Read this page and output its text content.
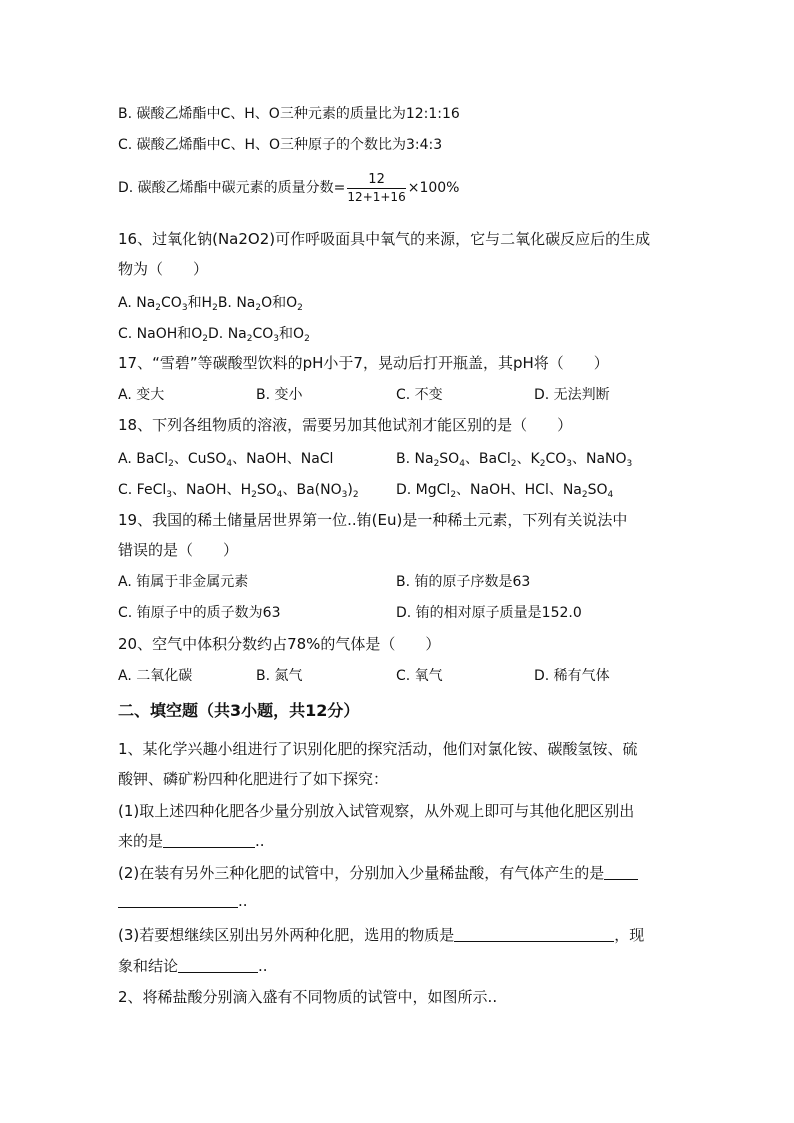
B. 碳酸乙烯酯中C、H、O三种元素的质量比为12:1:16
C. 碳酸乙烯酯中C、H、O三种原子的个数比为3:4:3
D. 碳酸乙烯酯中碳元素的质量分数= $\frac{12}{12+1+16} \times 100\%$
16、过氧化钠(Na2O2)可作呼吸面具中氧气的来源，它与二氧化碳反应后的生成
物为（　　）
A. $Na_2CO_3$和$H_2B$. $Na_2O$和$O_2$
C. NaOH和$O_2D$. $Na_2CO_3$和$O_2$
17、“雪碧”等碳酸型饮料的pH小于7，晃动后打开瓶盖，其pH将（　　）
A. 变大	B. 变小	C. 不变	D. 无法判断
18、下列各组物质的溶液，需要另加其他试剂才能区别的是（　　）
A. BaCl$_2$、CuSO$_4$、NaOH、NaCl	B. $Na_2SO_4$、BaCl$_2$、$K_2CO_3$、NaNO$_3$
C. FeCl$_3$、NaOH、$H_2SO_4$、$Ba(NO_3)_2$	D. MgCl$_2$、NaOH、HCl、$Na_2SO_4$
19、我国的稀土储量居世界第一位..铕(Eu)是一种稀土元素，下列有关说法中
错误的是（　　）
A. 铕属于非金属元素	B. 铕的原子序数是63
C. 铕原子中的质子数为63	D. 铕的相对原子质量是152.0
20、空气中体积分数约占78%的气体是（　　）
A. 二氧化碳	B. 氮气	C. 氧气	D. 稀有气体
二、填空题（共3小题，共12分）
1、某化学兴趣小组进行了识别化肥的探究活动，他们对氯化铵、碳酸氢铵、硫
酸钾、磷矿粉四种化肥进行了如下探究：
(1)取上述四种化肥各少量分别放入试管观察，从外观上即可与其他化肥区别出
来的是	..
(2)在装有另外三种化肥的试管中，分别加入少量稀盐酸，有气体产生的是
..
(3)若要想继续区别出另外两种化肥，选用的物质是	，现
象和结论	..
2、将稀盐酸分别滴入盛有不同物质的试管中，如图所示..
